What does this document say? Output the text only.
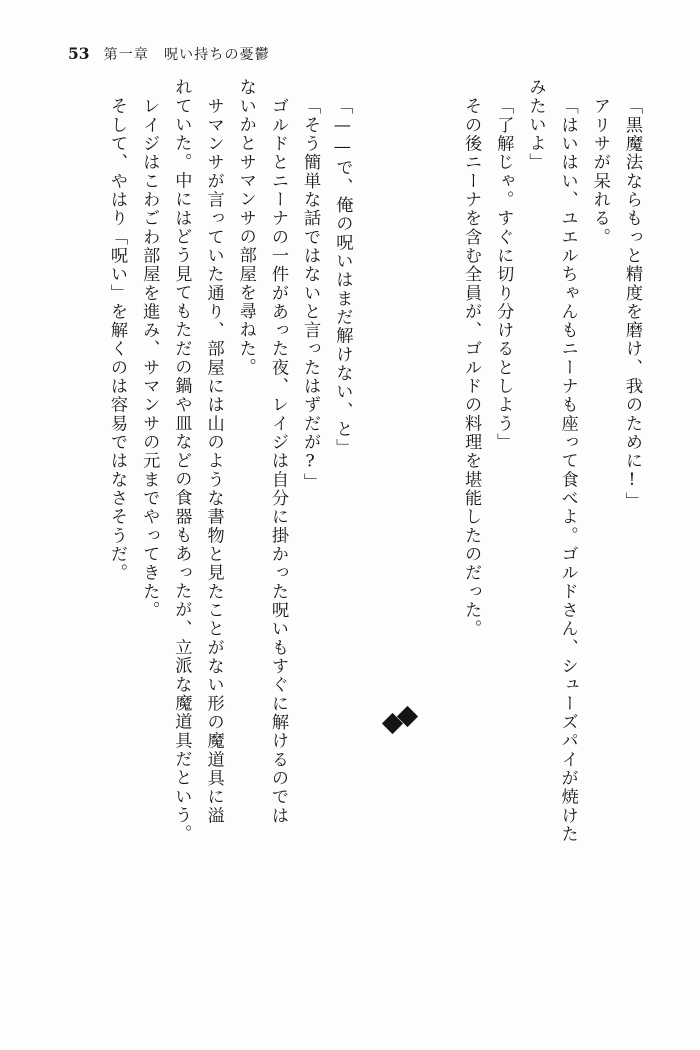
53 第一章　呪い持ちの憂鬱
「黒魔法ならもっと精度を磨け、我のために!」
アリサが呆れる。
「はいはい、ユエルちゃんもニーナも座って食べよ。ゴルドさん、シューズパイが焼けた
みたいよ」
「了解じゃ。すぐに切り分けるとしよう」
その後ニーナを含む全員が、ゴルドの料理を堪能したのだった。
「——で、俺の呪いはまだ解けない、と」
「そう簡単な話ではないと言ったはずだが?」
ゴルドとニーナの一件があった夜、レイジは自分に掛かった呪いもすぐに解けるのでは
ないかとサマンサの部屋を尋ねた。
サマンサが言っていた通り、部屋には山のような書物と見たことがない形の魔道具に溢
れていた。中にはどう見てもただの鍋や皿などの食器もあったが、立派な魔道具だという。
レイジはこわごわ部屋を進み、サマンサの元までやってきた。
そして、やはり「呪い」を解くのは容易ではなさそうだ。
